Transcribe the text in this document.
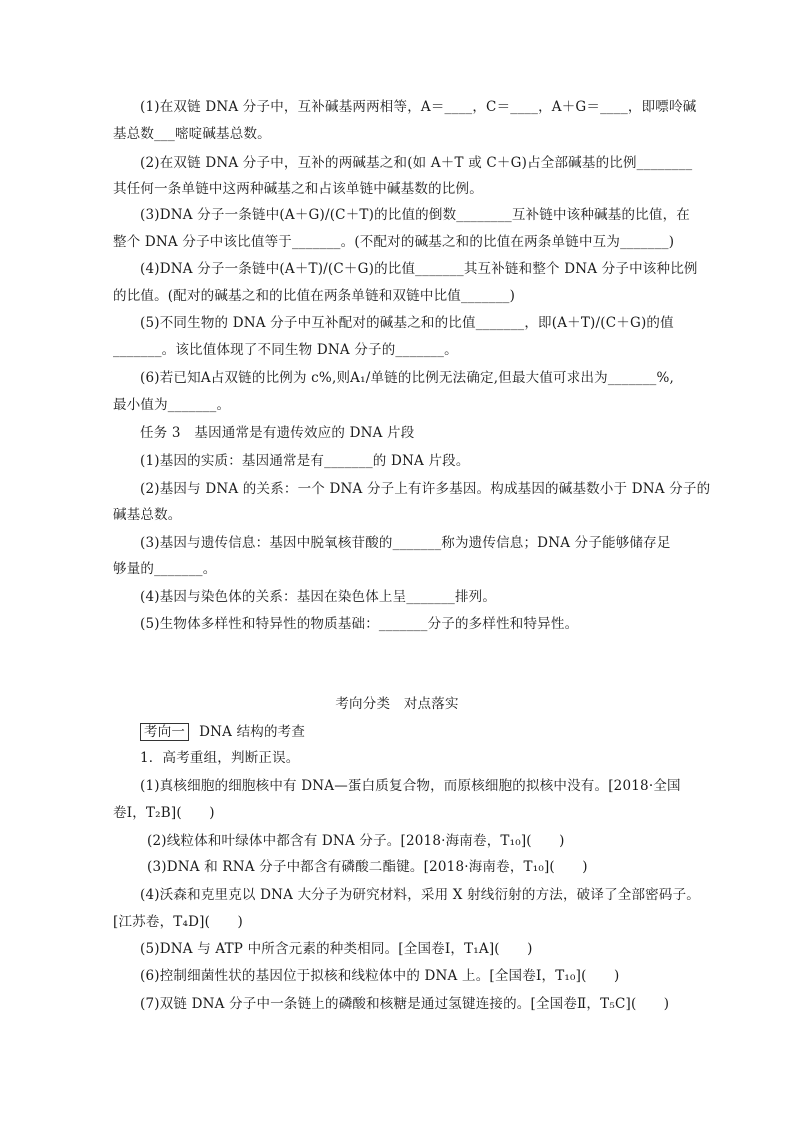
(1)在双链 DNA 分子中，互补碱基两两相等，A＝____，C＝____，A＋G＝____，即嘌呤碱
基总数___嘧啶碱基总数。
(2)在双链 DNA 分子中，互补的两碱基之和(如 A＋T 或 C＋G)占全部碱基的比例________
其任何一条单链中这两种碱基之和占该单链中碱基数的比例。
(3)DNA 分子一条链中(A＋G)/(C＋T)的比值的倒数________互补链中该种碱基的比值，在
整个 DNA 分子中该比值等于_______。(不配对的碱基之和的比值在两条单链中互为_______)
(4)DNA 分子一条链中(A＋T)/(C＋G)的比值_______其互补链和整个 DNA 分子中该种比例
的比值。(配对的碱基之和的比值在两条单链和双链中比值_______)
(5)不同生物的 DNA 分子中互补配对的碱基之和的比值_______，即(A＋T)/(C＋G)的值
_______。该比值体现了不同生物 DNA 分子的_______。
(6)若已知A占双链的比例为 c%,则A₁/单链的比例无法确定,但最大值可求出为_______%,
最小值为_______。
任务 3　基因通常是有遗传效应的 DNA 片段
(1)基因的实质：基因通常是有_______的 DNA 片段。
(2)基因与 DNA 的关系：一个 DNA 分子上有许多基因。构成基因的碱基数小于 DNA 分子的
碱基总数。
(3)基因与遗传信息：基因中脱氧核苷酸的_______称为遗传信息；DNA 分子能够储存足
够量的_______。
(4)基因与染色体的关系：基因在染色体上呈_______排列。
(5)生物体多样性和特异性的物质基础：_______分子的多样性和特异性。
考向分类　对点落实
考向一 DNA 结构的考查
1．高考重组，判断正误。
(1)真核细胞的细胞核中有 DNA—蛋白质复合物，而原核细胞的拟核中没有。[2018·全国
卷Ⅰ，T₂B](　　)
(2)线粒体和叶绿体中都含有 DNA 分子。[2018·海南卷，T₁₀](　　)
(3)DNA 和 RNA 分子中都含有磷酸二酯键。[2018·海南卷，T₁₀](　　)
(4)沃森和克里克以 DNA 大分子为研究材料，采用 X 射线衍射的方法，破译了全部密码子。
[江苏卷，T₄D](　　)
(5)DNA 与 ATP 中所含元素的种类相同。[全国卷Ⅰ，T₁A](　　)
(6)控制细菌性状的基因位于拟核和线粒体中的 DNA 上。[全国卷Ⅰ，T₁₀](　　)
(7)双链 DNA 分子中一条链上的磷酸和核糖是通过氢键连接的。[全国卷Ⅱ，T₅C](　　)
